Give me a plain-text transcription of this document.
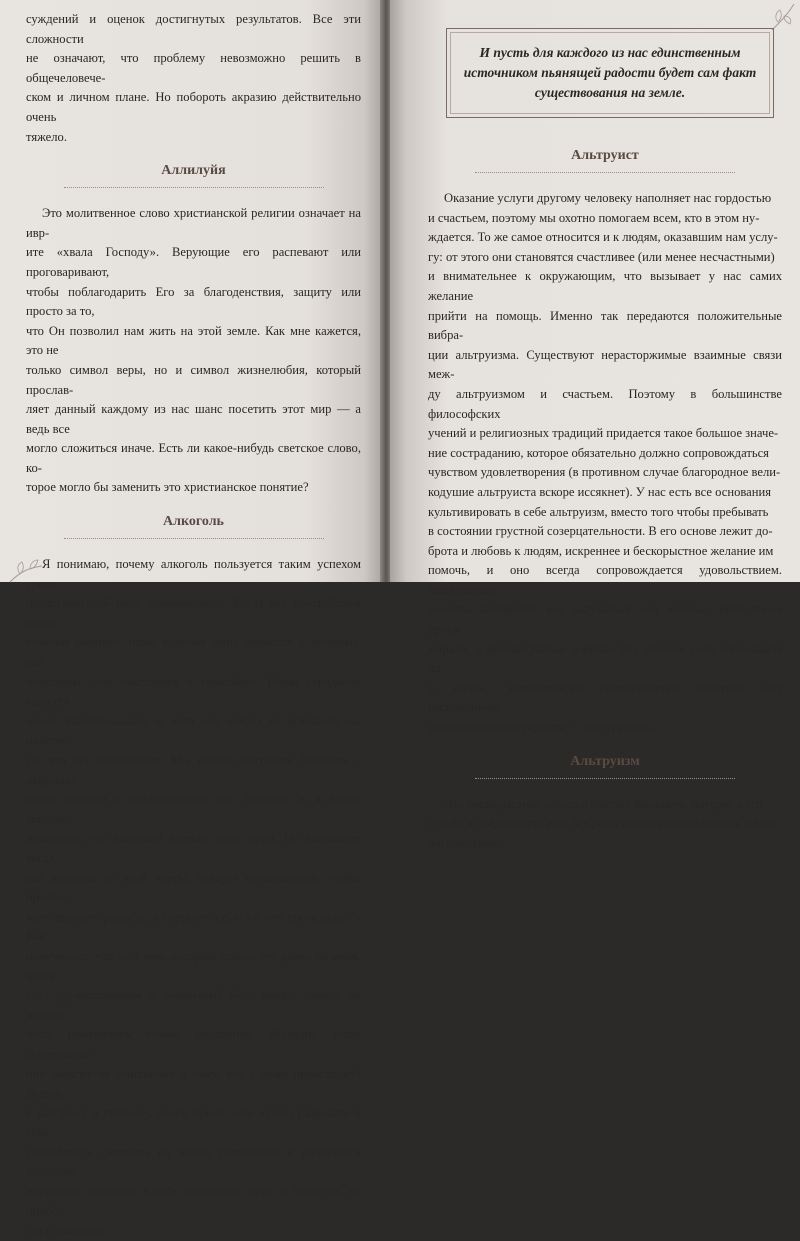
суждений и оценок достигнутых результатов. Все эти сложности

не означают, что проблему невозможно решить в общечеловече-

ском и личном плане. Но побороть акразию действительно очень

тяжело.

Аллилуйя

Это молитвенное слово христианской религии означает на ивр-

ите «хвала Господу». Верующие его распевают или проговаривают,

чтобы поблагодарить Его за благоденствия, защиту или просто за то,

что Он позволил нам жить на этой земле. Как мне кажется, это не

только символ веры, но и символ жизнелюбия, который прослав-

ляет данный каждому из нас шанс посетить этот мир — а ведь все

могло сложиться иначе. Есть ли какое-нибудь светское слово, ко-

торое могло бы заменить это христианское понятие?

Алкоголь

Я понимаю, почему алкоголь пользуется таким успехом среди

представителей рода человеческого. Когда мы употребляем алко-

гольные напитки, наше видение мира меняется к лучшему, мы

чувствуем себя счастливее и спокойнее. Наши страдания кажутся

менее значительными, и, хотя они никуда не исчезают, мы надеем-

ся, что все преодолеем. Мы полнее ощущаем близость с окружаю-

щими людьми и объединяющее нас братство и, в конце концов,

понимаем, что являемся частью этого мира. Но внимание: когда

мы доходим до этой черты, следует остановиться, чтобы продол-

жать вкушать радость, и спросить себя: «А что происходит?» Как

получилось, что этот мир, который только что давил на меня, вдруг

стал дружественным и понятным? Ведь вокруг ничего не измени-

лось, поменялись только ощущения. Выходит, наше существова-

ние зависит от отношения к тому, что с нами происходит? Вывод,

к которому я прихожу, очень прост: нам нужно развивать в себе

способность смотреть на жизнь спокойным и радостным взглядом,

научиться вызывать в себе ощущения мира и братства, не прибе-

гая к алкоголю.

И пусть для каждого из нас единственным

источником пьянящей радости будет сам факт

существования на земле.

Альтруист

Оказание услуги другому человеку наполняет нас гордостью

и счастьем, поэтому мы охотно помогаем всем, кто в этом ну-

ждается. То же самое относится и к людям, оказавшим нам услу-

гу: от этого они становятся счастливее (или менее несчастными)

и внимательнее к окружающим, что вызывает у нас самих желание

прийти на помощь. Именно так передаются положительные вибра-

ции альтруизма. Существуют нерасторжимые взаимные связи меж-

ду альтруизмом и счастьем. Поэтому в большинстве философских

учений и религиозных традиций придается такое большое значе-

ние состраданию, которое обязательно должно сопровождаться

чувством удовлетворения (в противном случае благородное вели-

кодушие альтруиста вскоре иссякнет). У нас есть все основания

культивировать в себе альтруизм, вместо того чтобы пребывать

в состоянии грустной созерцательности. В его основе лежит до-

брота и любовь к людям, искреннее и бескорыстное желание им

помочь, и оно всегда сопровождается удовольствием. Закоренелые

эгоисты заставляют нас задуматься над жизнью, преподнося уроки

морали, а великодушные добряки без лишних слов воплощают их

в жизнь, демонстрируя превосходство действий над бесплодными

размышлениями, радости — над грустью.

Альтруизм

Это бескорыстная забота о счастье ближнего, интерес к его

судьбе и преданность ему, без расчета на признательность и воз-

награждение.
